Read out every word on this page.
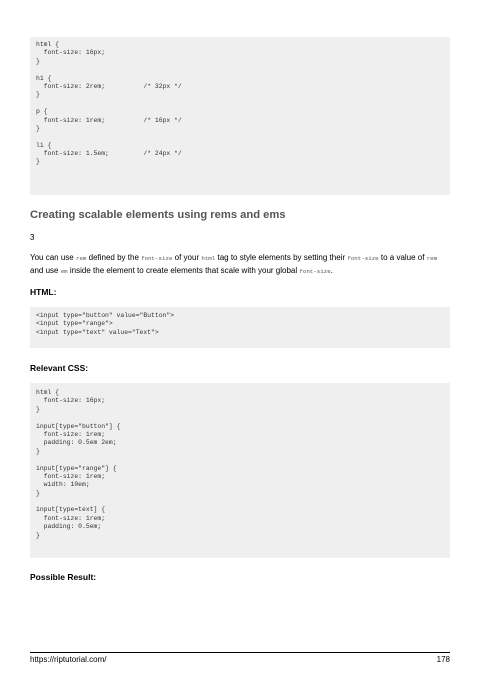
html {
font-size: 16px;
}
h1 {
font-size: 2rem;          /* 32px */
}
p {
font-size: 1rem;          /* 16px */
}
li {
font-size: 1.5em;         /* 24px */
}
Creating scalable elements using rems and ems

3

You can use rem defined by the font-size of your html tag to style elements by setting their font-size to a value of rem and use em inside the element to create elements that scale with your global font-size.

HTML:
<input type="button" value="Button">
<input type="range">
<input type="text" value="Text">
Relevant CSS:
html {
font-size: 16px;
}
input[type="button"] {
font-size: 1rem;
padding: 0.5em 2em;
}
input[type="range"] {
font-size: 1rem;
width: 10em;
}
input[type=text] {
font-size: 1rem;
padding: 0.5em;
}
Possible Result:
https://riptutorial.com/	178
